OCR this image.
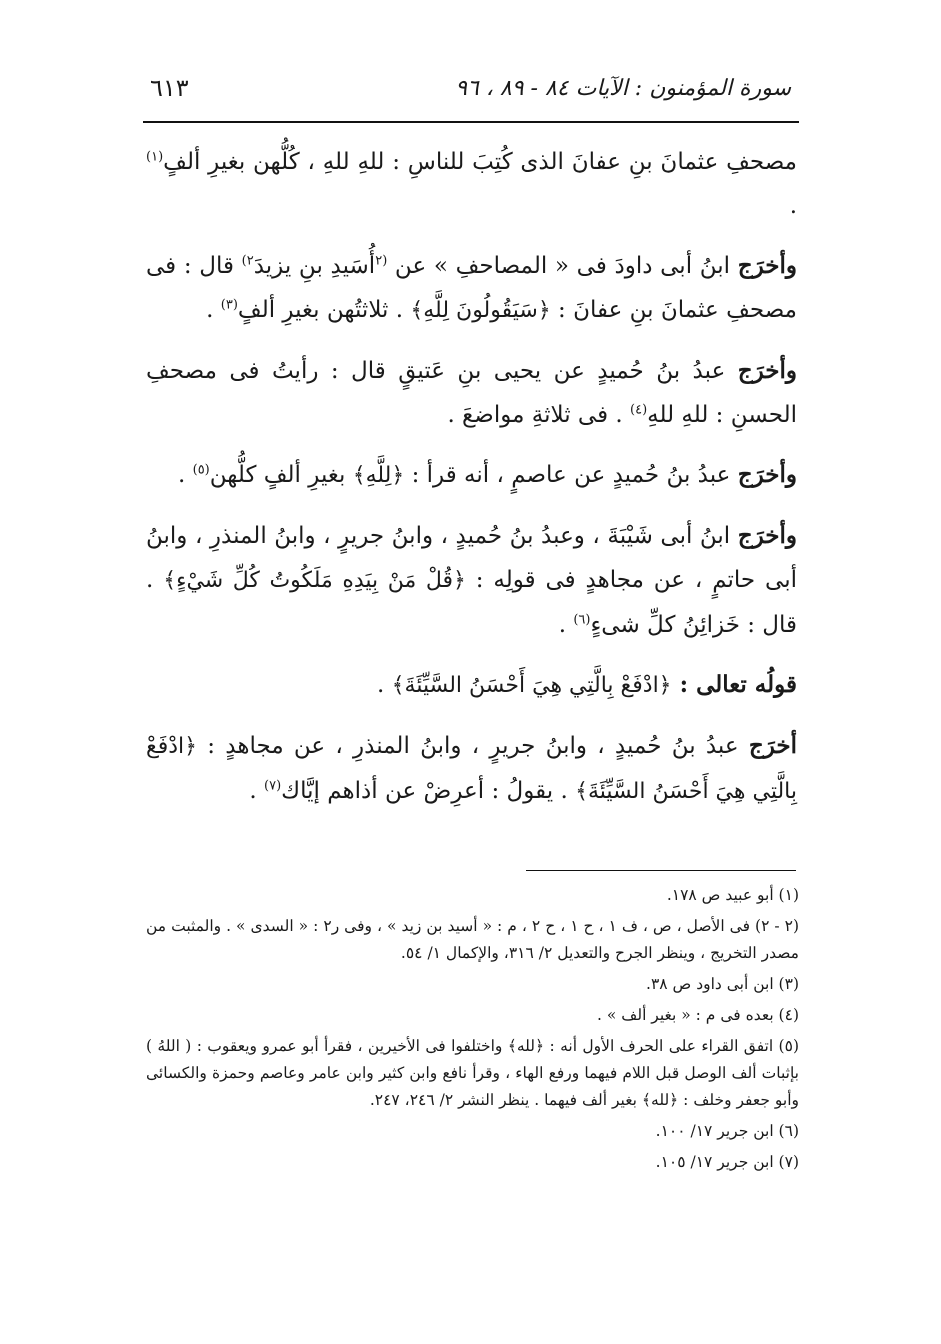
سورة المؤمنون : الآيات ٨٤ - ٨٩ ، ٩٦
٦١٣

مصحفِ عثمانَ بنِ عفانَ الذى كُتِبَ للناسِ : للهِ للهِ ، كُلُّهن بغيرِ ألفٍ$^{(١)}$ .

وأخرَج ابنُ أبى داودَ فى « المصاحفِ » عن $^{(٢}$أُسَيدِ بنِ يزيدَ$^{٢)}$ قال : فى مصحفِ عثمانَ بنِ عفانَ : ﴿سَيَقُولُونَ لِلَّهِ﴾ . ثلاثتُهن بغيرِ ألفٍ$^{(٣)}$ .

وأخرَج عبدُ بنُ حُميدٍ عن يحيى بنِ عَتيقٍ قال : رأيتُ فى مصحفِ الحسنِ : للهِ للهِ$^{(٤)}$ . فى ثلاثةِ مواضعَ .

وأخرَج عبدُ بنُ حُميدٍ عن عاصمٍ ، أنه قرأ : ﴿لِلَّهِ﴾ بغيرِ ألفٍ كلُّهن$^{(٥)}$ .

وأخرَج ابنُ أبى شَيْبَةَ ، وعبدُ بنُ حُميدٍ ، وابنُ جريرٍ ، وابنُ المنذرِ ، وابنُ أبى حاتمٍ ، عن مجاهدٍ فى قولِه : ﴿قُلْ مَنْ بِيَدِهِ مَلَكُوتُ كُلِّ شَيْءٍ﴾ . قال : خَزائِنُ كلِّ شىءٍ$^{(٦)}$ .

قولُه تعالى : ﴿ادْفَعْ بِالَّتِي هِيَ أَحْسَنُ السَّيِّئَةَ﴾ .

أخرَج عبدُ بنُ حُميدٍ ، وابنُ جريرٍ ، وابنُ المنذرِ ، عن مجاهدٍ : ﴿ادْفَعْ بِالَّتِي هِيَ أَحْسَنُ السَّيِّئَةَ﴾ . يقولُ : أعرِضْ عن أذاهم إيَّاك$^{(٧)}$ .

(١) أبو عبيد ص ١٧٨.

(٢ - ٢) فى الأصل ، ص ، ف ١ ، ح ١ ، ح ٢ ، م : « أسيد بن زيد » ، وفى ر٢ : « السدى » . والمثبت من مصدر التخريج ، وينظر الجرح والتعديل ٢/ ٣١٦، والإكمال ١/ ٥٤.

(٣) ابن أبى داود ص ٣٨.

(٤) بعده فى م : « بغير ألف » .

(٥) اتفق القراء على الحرف الأول أنه : ﴿لله﴾ واختلفوا فى الأخيرين ، فقرأ أبو عمرو ويعقوب : ( اللهُ ) بإثبات ألف الوصل قبل اللام فيهما ورفع الهاء ، وقرأ نافع وابن كثير وابن عامر وعاصم وحمزة والكسائى وأبو جعفر وخلف : ﴿لله﴾ بغير ألف فيهما . ينظر النشر ٢/ ٢٤٦، ٢٤٧.

(٦) ابن جرير ١٧/ ١٠٠.

(٧) ابن جرير ١٧/ ١٠٥.
